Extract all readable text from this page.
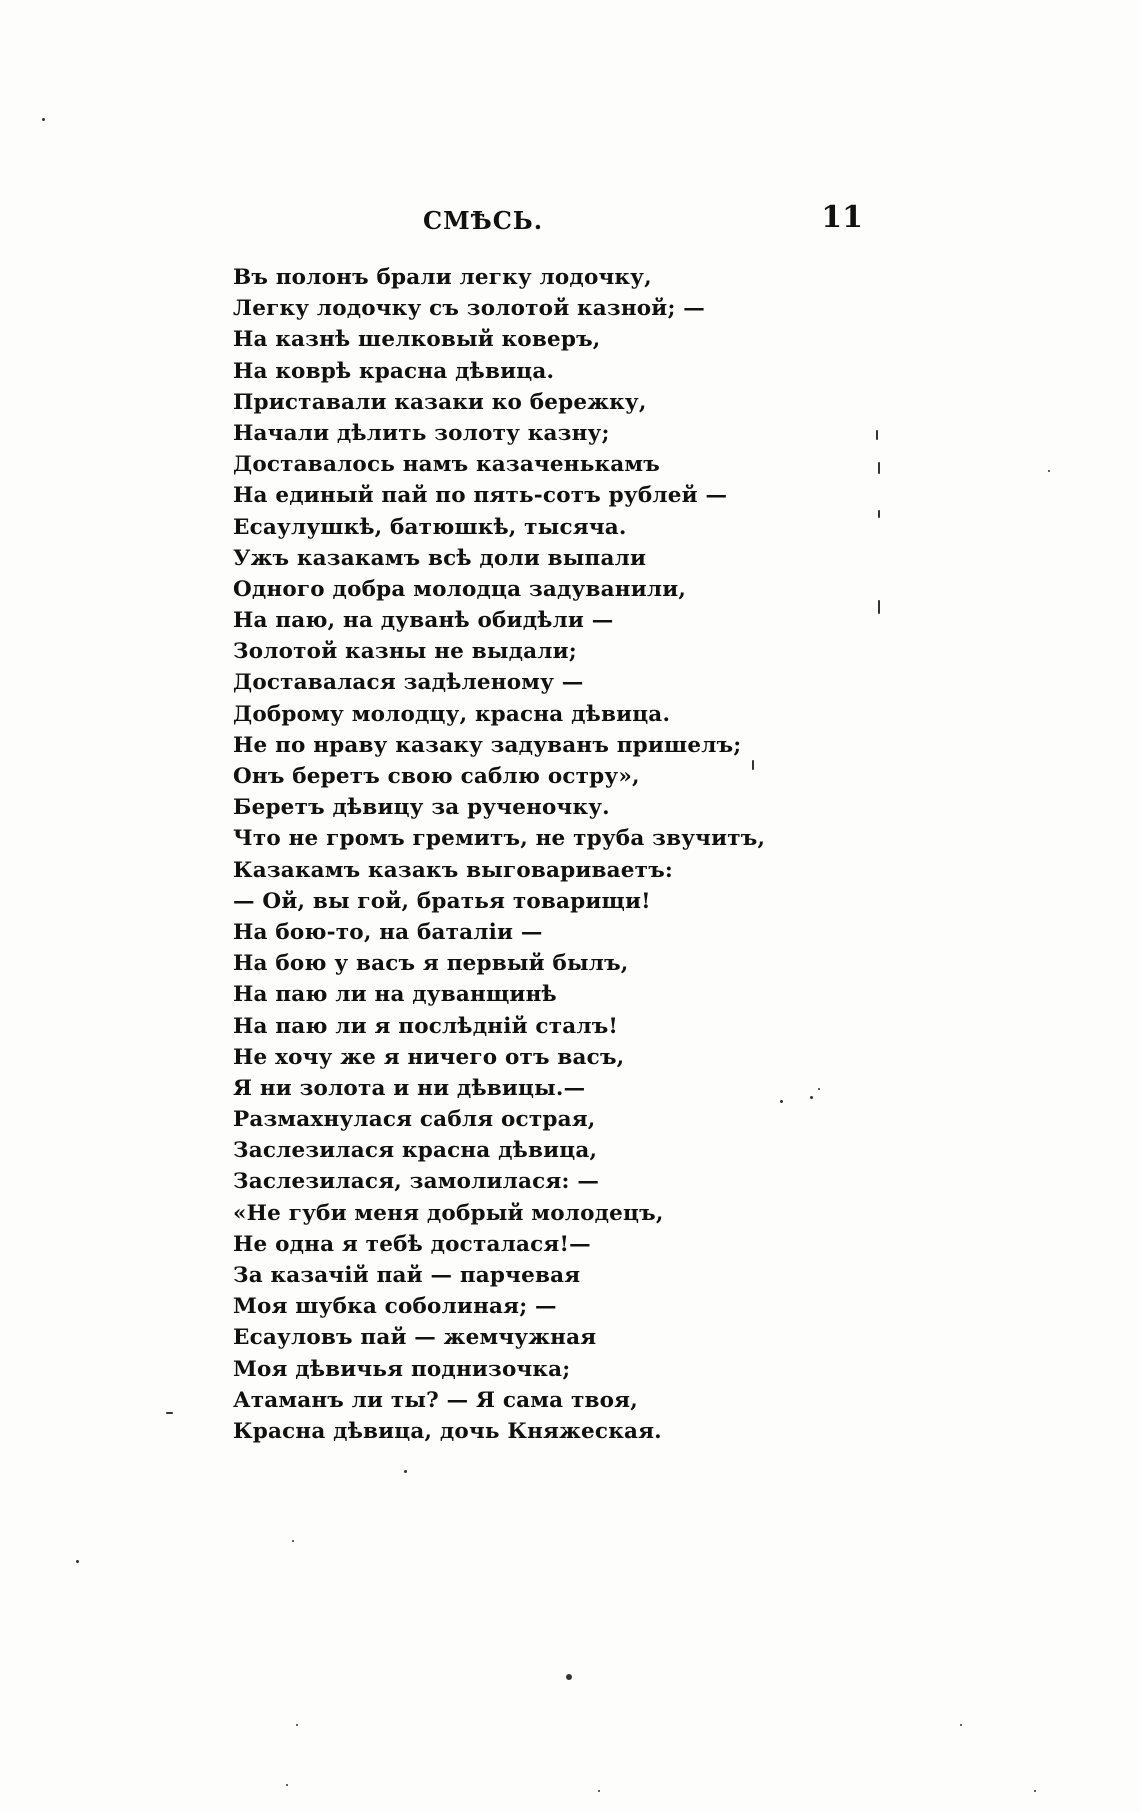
СМѢСЬ.	11
Въ полонъ брали легку лодочку,
Легку лодочку съ золотой казной; —
На казнѣ шелковый коверъ,
На коврѣ красна дѣвица.
Приставали казаки ко бережку,
Начали дѣлить золоту казну;
Доставалось намъ казаченькамъ
На единый пай по пять-сотъ рублей —
Есаулушкѣ, батюшкѣ, тысяча.
Ужъ казакамъ всѣ доли выпали
Одного добра молодца задуванили,
На паю, на дуванѣ обидѣли —
Золотой казны не выдали;
Доставалася задѣленому —
Доброму молодцу, красна дѣвица.
Не по нраву казаку задуванъ пришелъ;
Онъ беретъ свою саблю остру»,
Беретъ дѣвицу за рученочку.
Что не громъ гремитъ, не труба звучитъ,
Казакамъ казакъ выговариваетъ:
— Ой, вы гой, братья товарищи!
На бою-то, на баталіи —
На бою у васъ я первый былъ,
На паю ли на дуванщинѣ
На паю ли я послѣдній сталъ!
Не хочу же я ничего отъ васъ,
Я ни золота и ни дѣвицы.—
Размахнулася сабля острая,
Заслезилася красна дѣвица,
Заслезилася, замолилася: —
«Не губи меня добрый молодецъ,
Не одна я тебѣ досталася!—
За казачій пай — парчевая
Моя шубка соболиная; —
Есауловъ пай — жемчужная
Моя дѣвичья поднизочка;
Атаманъ ли ты? — Я сама твоя,
Красна дѣвица, дочь Княжеская.
